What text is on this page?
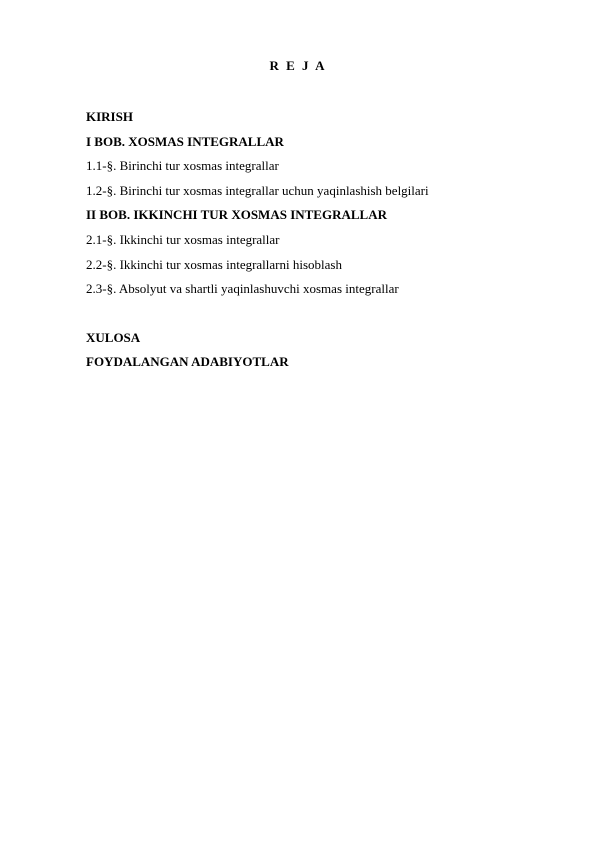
R E J A
KIRISH
I BOB. XOSMAS INTEGRALLAR
1.1-§. Birinchi tur xosmas integrallar
1.2-§. Birinchi tur xosmas integrallar uchun yaqinlashish belgilari
II BOB. IKKINCHI TUR XOSMAS INTEGRALLAR
2.1-§. Ikkinchi tur xosmas integrallar
2.2-§. Ikkinchi tur xosmas integrallarni hisoblash
2.3-§. Absolyut va shartli yaqinlashuvchi xosmas integrallar
XULOSA
FOYDALANGAN ADABIYOTLAR
